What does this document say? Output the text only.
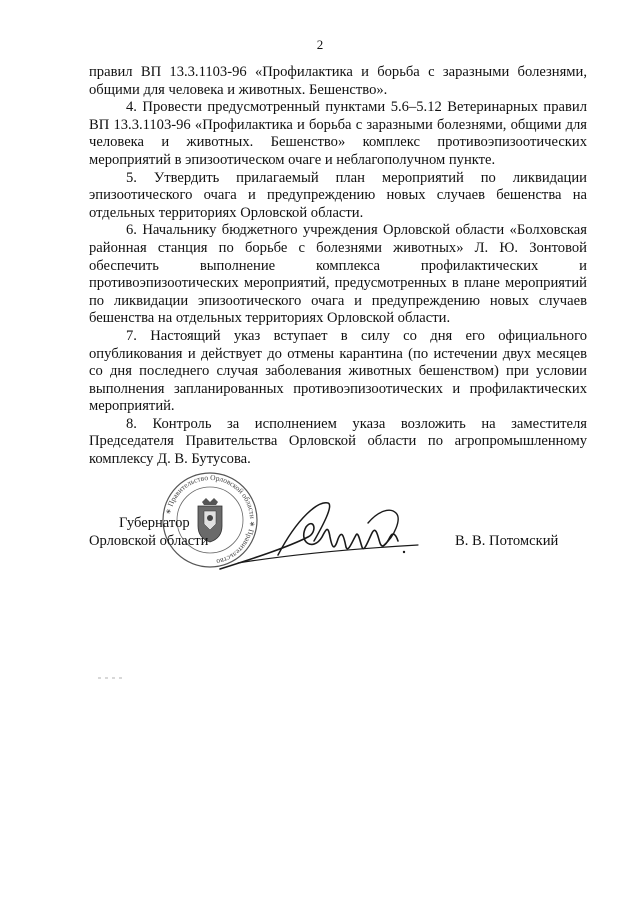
2

правил ВП 13.3.1103-96 «Профилактика и борьба с заразными болезнями, общими для человека и животных. Бешенство».

4. Провести предусмотренный пунктами 5.6–5.12 Ветеринарных правил ВП 13.3.1103-96 «Профилактика и борьба с заразными болезнями, общими для человека и животных. Бешенство» комплекс противоэпизоотических мероприятий в эпизоотическом очаге и неблагополучном пункте.

5. Утвердить прилагаемый план мероприятий по ликвидации эпизоотического очага и предупреждению новых случаев бешенства на отдельных территориях Орловской области.

6. Начальнику бюджетного учреждения Орловской области «Болховская районная станция по борьбе с болезнями животных» Л. Ю. Зонтовой обеспечить выполнение комплекса профилактических и противоэпизоотических мероприятий, предусмотренных в плане мероприятий по ликвидации эпизоотического очага и предупреждению новых случаев бешенства на отдельных территориях Орловской области.

7. Настоящий указ вступает в силу со дня его официального опубликования и действует до отмены карантина (по истечении двух месяцев со дня последнего случая заболевания животных бешенством) при условии выполнения запланированных противоэпизоотических и профилактических мероприятий.

8. Контроль за исполнением указа возложить на заместителя Председателя Правительства Орловской области по агропромышленному комплексу Д. В. Бутусова.

∗ Правительство Орловской области ∗ Правительство
Губернатор
Орловской области	В. В. Потомский
